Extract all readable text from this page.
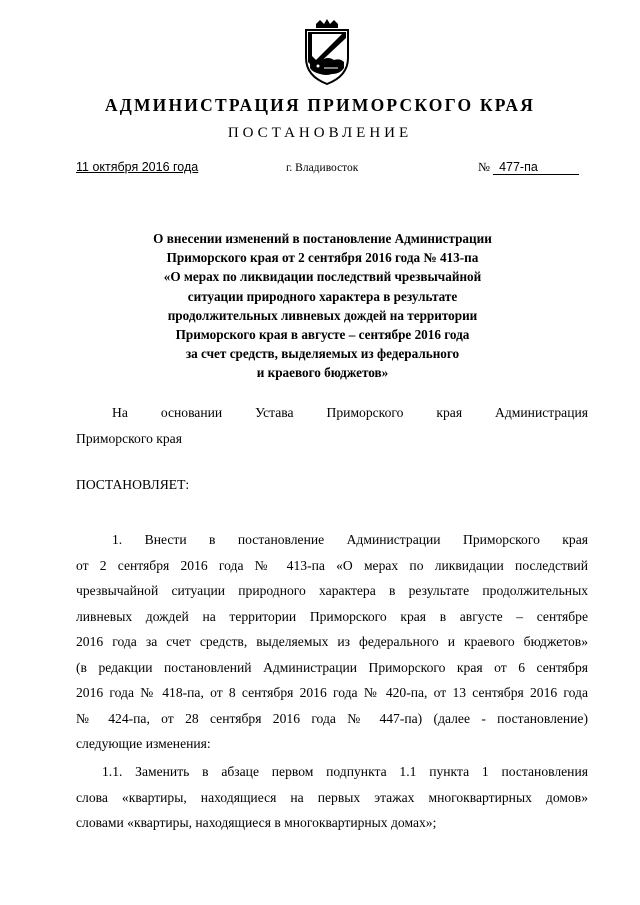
АДМИНИСТРАЦИЯ ПРИМОРСКОГО КРАЯ
ПОСТАНОВЛЕНИЕ
11 октября 2016 года	г. Владивосток	№ 477-па
О внесении изменений в постановление Администрации
Приморского края от 2 сентября 2016 года № 413-па
«О мерах по ликвидации последствий чрезвычайной
ситуации природного характера в результате
продолжительных ливневых дождей на территории
Приморского края в августе – сентябре 2016 года
за счет средств, выделяемых из федерального
и краевого бюджетов»
На основании Устава Приморского края Администрация
Приморского края
ПОСТАНОВЛЯЕТ:
1. Внести в постановление Администрации Приморского края
от 2 сентября 2016 года № 413-па «О мерах по ликвидации последствий
чрезвычайной ситуации природного характера в результате продолжительных
ливневых дождей на территории Приморского края в августе – сентябре
2016 года за счет средств, выделяемых из федерального и краевого бюджетов»
(в редакции постановлений Администрации Приморского края от 6 сентября
2016 года № 418-па, от 8 сентября 2016 года № 420-па, от 13 сентября 2016 года
№ 424-па, от 28 сентября 2016 года № 447-па) (далее - постановление)
следующие изменения:
1.1. Заменить в абзаце первом подпункта 1.1 пункта 1 постановления
слова «квартиры, находящиеся на первых этажах многоквартирных домов»
словами «квартиры, находящиеся в многоквартирных домах»;
